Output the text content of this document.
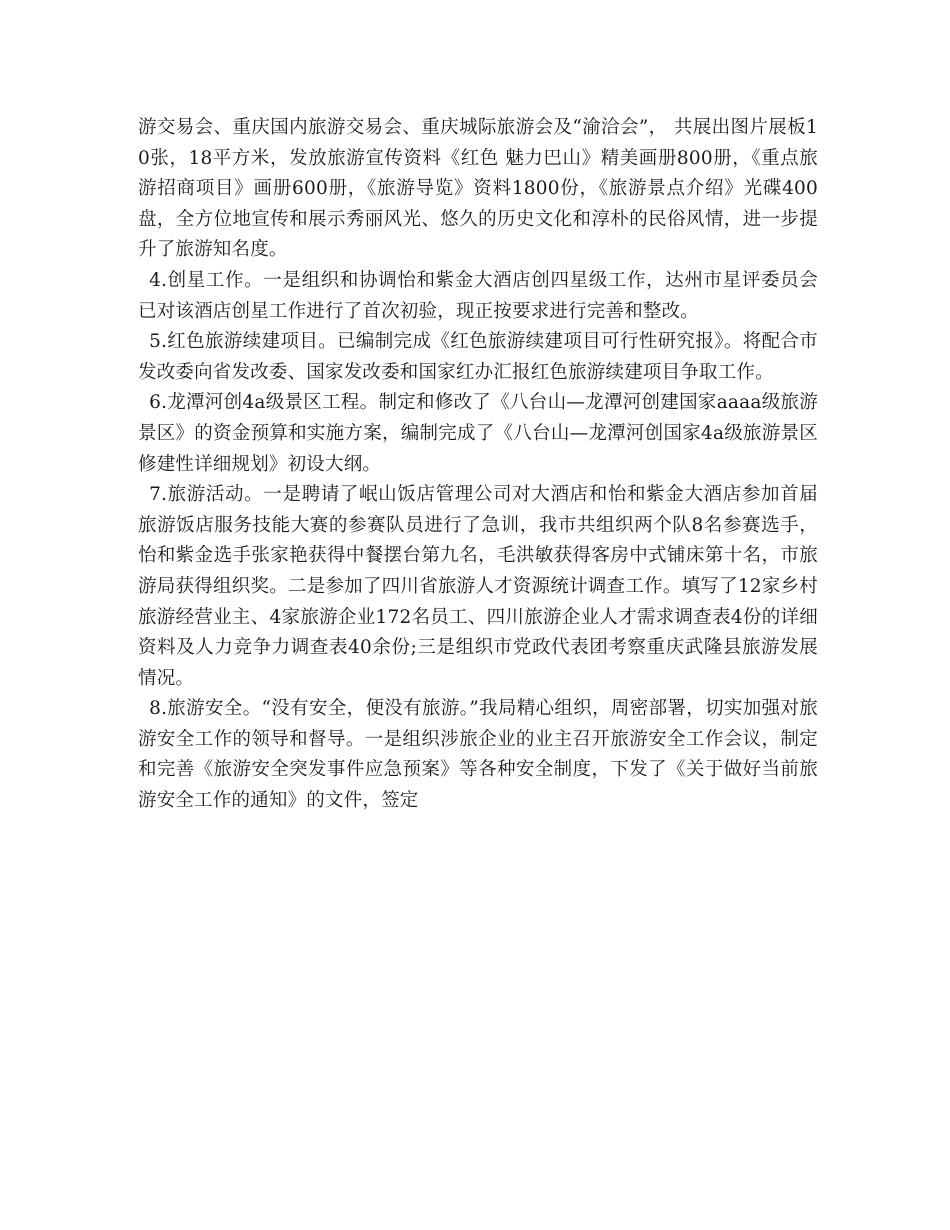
游交易会、重庆国内旅游交易会、重庆城际旅游会及“渝洽会”， 共展出图片展板10张，18平方米，发放旅游宣传资料《红色 魅力巴山》精美画册800册，《重点旅游招商项目》画册600册，《旅游导览》资料1800份，《旅游景点介绍》光碟400盘，全方位地宣传和展示秀丽风光、悠久的历史文化和淳朴的民俗风情，进一步提升了旅游知名度。

4.创星工作。一是组织和协调怡和紫金大酒店创四星级工作，达州市星评委员会已对该酒店创星工作进行了首次初验，现正按要求进行完善和整改。

5.红色旅游续建项目。已编制完成《红色旅游续建项目可行性研究报》。将配合市发改委向省发改委、国家发改委和国家红办汇报红色旅游续建项目争取工作。

6.龙潭河创4a级景区工程。制定和修改了《八台山—龙潭河创建国家aaaa级旅游景区》的资金预算和实施方案，编制完成了《八台山—龙潭河创国家4a级旅游景区修建性详细规划》初设大纲。

7.旅游活动。一是聘请了岷山饭店管理公司对大酒店和怡和紫金大酒店参加首届旅游饭店服务技能大赛的参赛队员进行了急训，我市共组织两个队8名参赛选手，怡和紫金选手张家艳获得中餐摆台第九名，毛洪敏获得客房中式铺床第十名，市旅游局获得组织奖。二是参加了四川省旅游人才资源统计调查工作。填写了12家乡村旅游经营业主、4家旅游企业172名员工、四川旅游企业人才需求调查表4份的详细资料及人力竞争力调查表40余份;三是组织市党政代表团考察重庆武隆县旅游发展情况。

8.旅游安全。“没有安全，便没有旅游。”我局精心组织，周密部署，切实加强对旅游安全工作的领导和督导。一是组织涉旅企业的业主召开旅游安全工作会议，制定和完善《旅游安全突发事件应急预案》等各种安全制度，下发了《关于做好当前旅游安全工作的通知》的文件，签定
